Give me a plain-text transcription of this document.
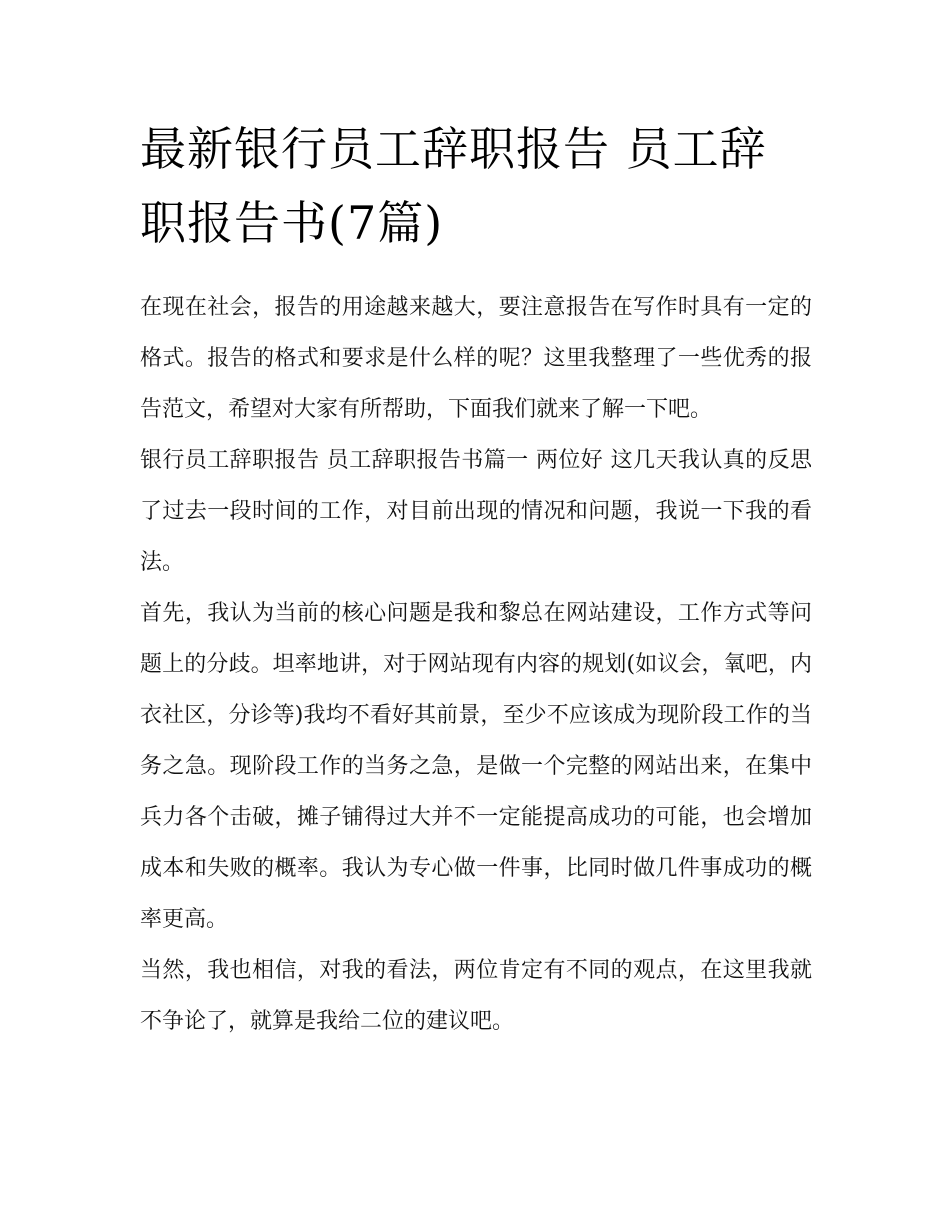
最新银行员工辞职报告 员工辞职报告书(7篇)

在现在社会，报告的用途越来越大，要注意报告在写作时具有一定的格式。报告的格式和要求是什么样的呢？这里我整理了一些优秀的报告范文，希望对大家有所帮助，下面我们就来了解一下吧。

银行员工辞职报告 员工辞职报告书篇一 两位好 这几天我认真的反思了过去一段时间的工作，对目前出现的情况和问题，我说一下我的看法。

首先，我认为当前的核心问题是我和黎总在网站建设，工作方式等问题上的分歧。坦率地讲，对于网站现有内容的规划(如议会，氧吧，内衣社区，分诊等)我均不看好其前景，至少不应该成为现阶段工作的当务之急。现阶段工作的当务之急，是做一个完整的网站出来，在集中兵力各个击破，摊子铺得过大并不一定能提高成功的可能，也会增加成本和失败的概率。我认为专心做一件事，比同时做几件事成功的概率更高。

当然，我也相信，对我的看法，两位肯定有不同的观点，在这里我就不争论了，就算是我给二位的建议吧。
